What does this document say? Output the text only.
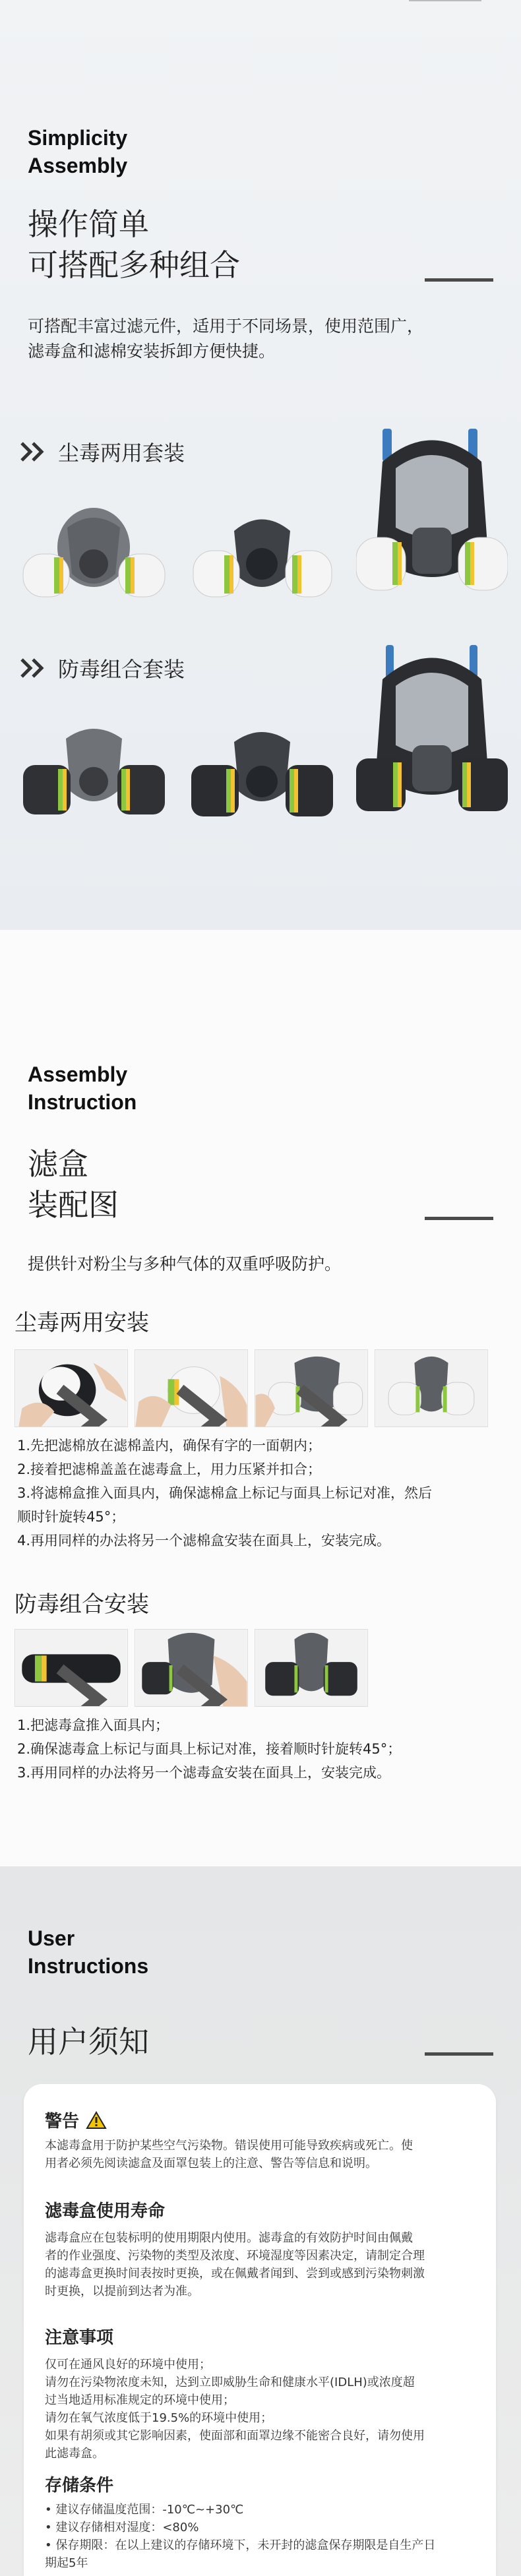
Simplicity
Assembly
操作简单
可搭配多种组合
可搭配丰富过滤元件，适用于不同场景，使用范围广，
滤毒盒和滤棉安装拆卸方便快捷。
尘毒两用套装
防毒组合套装
Assembly
Instruction
滤盒
装配图
提供针对粉尘与多种气体的双重呼吸防护。
尘毒两用安装

1.先把滤棉放在滤棉盖内，确保有字的一面朝内；

2.接着把滤棉盖盖在滤毒盒上，用力压紧并扣合；

3.将滤棉盒推入面具内，确保滤棉盒上标记与面具上标记对准，然后

顺时针旋转45°；

4.再用同样的办法将另一个滤棉盒安装在面具上，安装完成。

防毒组合安装

1.把滤毒盒推入面具内；

2.确保滤毒盒上标记与面具上标记对准，接着顺时针旋转45°；

3.再用同样的办法将另一个滤毒盒安装在面具上，安装完成。

User
Instructions
用户须知
警告
本滤毒盒用于防护某些空气污染物。错误使用可能导致疾病或死亡。使
用者必须先阅读滤盒及面罩包装上的注意、警告等信息和说明。
滤毒盒使用寿命
滤毒盒应在包装标明的使用期限内使用。滤毒盒的有效防护时间由佩戴
者的作业强度、污染物的类型及浓度、环境湿度等因素决定，请制定合理
的滤毒盒更换时间表按时更换，或在佩戴者闻到、尝到或感到污染物刺激
时更换，以提前到达者为准。
注意事项
仅可在通风良好的环境中使用；
请勿在污染物浓度未知，达到立即威胁生命和健康水平(IDLH)或浓度超
过当地适用标准规定的环境中使用；
请勿在氧气浓度低于19.5%的环境中使用；
如果有胡须或其它影响因素，使面部和面罩边缘不能密合良好，请勿使用
此滤毒盒。
存储条件
• 建议存储温度范围：-10℃~+30℃
• 建议存储相对湿度：<80%
• 保存期限：在以上建议的存储环境下，未开封的滤盒保存期限是自生产日
期起5年
